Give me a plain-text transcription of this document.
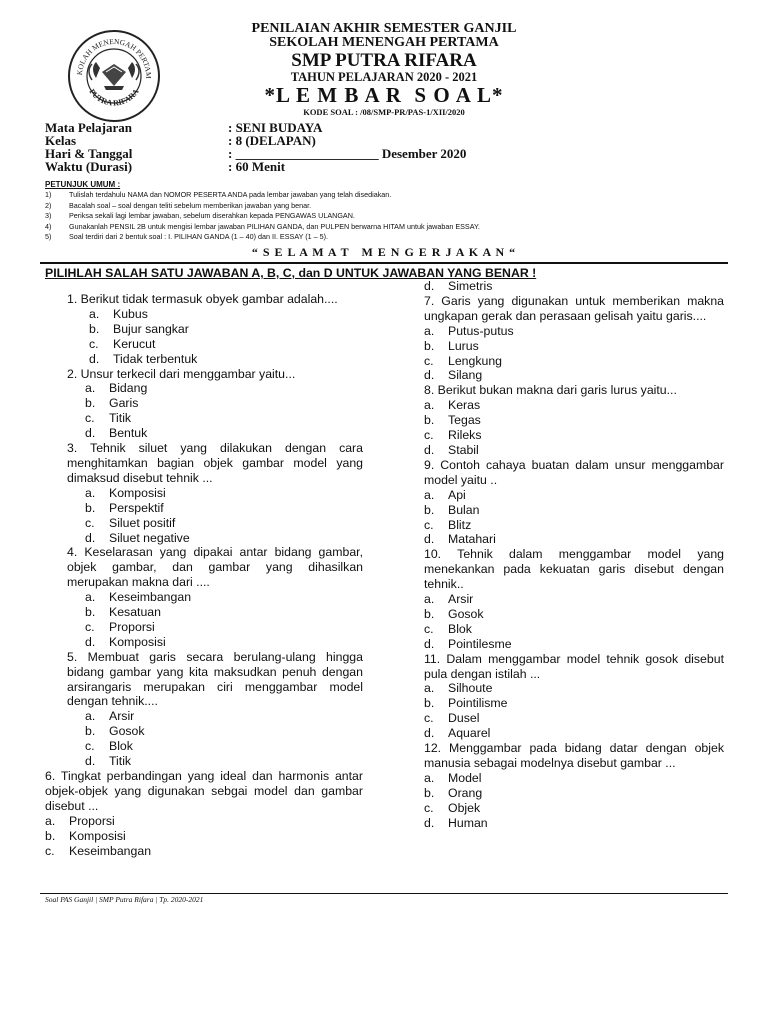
KOLAH MENENGAH PERTAM
PUTRA RIFARA
PENILAIAN AKHIR SEMESTER GANJIL
SEKOLAH MENENGAH PERTAMA
SMP PUTRA RIFARA
TAHUN PELAJARAN 2020 - 2021
*L E M B A R  S O A L*
KODE SOAL : /08/SMP-PR/PAS-1/XII/2020
Mata Pelajaran	: SENI BUDAYA
Kelas	: 8 (DELAPAN)
Hari & Tanggal	: ______________________ Desember 2020
Waktu (Durasi)	: 60 Menit
PETUNJUK UMUM :
1) Tulislah terdahulu NAMA dan NOMOR PESERTA ANDA pada lembar jawaban yang telah disediakan.
2) Bacalah soal – soal dengan teliti sebelum memberikan jawaban yang benar.
3) Periksa sekali lagi lembar jawaban, sebelum diserahkan kepada PENGAWAS ULANGAN.
4) Gunakanlah PENSIL 2B untuk mengisi lembar jawaban PILIHAN GANDA, dan PULPEN berwarna HITAM untuk jawaban ESSAY.
5) Soal terdiri dari 2 bentuk soal : I. PILIHAN GANDA (1 – 40) dan II. ESSAY (1 – 5).
“ S E L A M A T   M E N G E R J A K A N “
PILIHLAH SALAH SATU JAWABAN A, B, C, dan D UNTUK JAWABAN YANG BENAR !
1. Berikut tidak termasuk obyek gambar adalah....
a. Kubus
b. Bujur sangkar
c. Kerucut
d. Tidak terbentuk
2. Unsur terkecil dari menggambar yaitu...
a. Bidang
b. Garis
c. Titik
d. Bentuk
3. Tehnik siluet yang dilakukan dengan cara menghitamkan bagian objek gambar model yang dimaksud disebut tehnik ...
a. Komposisi
b. Perspektif
c. Siluet positif
d. Siluet negative
4. Keselarasan yang dipakai antar bidang gambar, objek gambar, dan gambar yang dihasilkan merupakan makna dari ....
a. Keseimbangan
b. Kesatuan
c. Proporsi
d. Komposisi
5. Membuat garis secara berulang-ulang hingga bidang gambar yang kita maksudkan penuh dengan arsirangaris merupakan ciri menggambar model dengan tehnik....
a. Arsir
b. Gosok
c. Blok
d. Titik
6. Tingkat perbandingan yang ideal dan harmonis antar objek-objek yang digunakan sebgai model dan gambar disebut ...
a. Proporsi
b. Komposisi
c. Keseimbangan
d. Simetris
7. Garis yang digunakan untuk memberikan makna ungkapan gerak dan perasaan gelisah yaitu garis....
a. Putus-putus
b. Lurus
c. Lengkung
d. Silang
8. Berikut bukan makna dari garis lurus yaitu...
a. Keras
b. Tegas
c. Rileks
d. Stabil
9. Contoh cahaya buatan dalam unsur menggambar model yaitu ..
a. Api
b. Bulan
c. Blitz
d. Matahari
10. Tehnik dalam menggambar model yang menekankan pada kekuatan garis disebut dengan tehnik..
a. Arsir
b. Gosok
c. Blok
d. Pointilesme
11. Dalam menggambar model tehnik gosok disebut pula dengan istilah ...
a. Silhoute
b. Pointilisme
c. Dusel
d. Aquarel
12. Menggambar pada bidang datar dengan objek manusia sebagai modelnya disebut gambar ...
a. Model
b. Orang
c. Objek
d. Human
Soal PAS Ganjil | SMP Putra Rifara | Tp. 2020-2021
